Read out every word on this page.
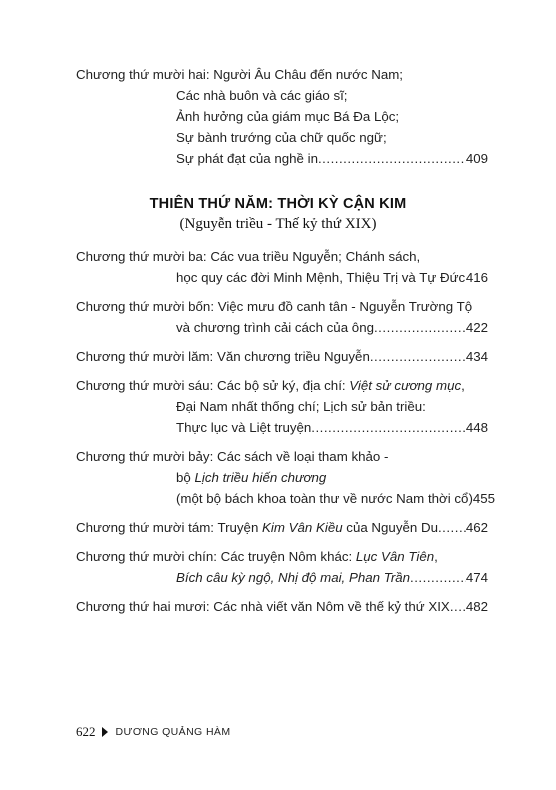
Chương thứ mười hai: Người Âu Châu đến nước Nam;
Các nhà buôn và các giáo sĩ;
Ảnh hưởng của giám mục Bá Đa Lộc;
Sự bành trướng của chữ quốc ngữ;
Sự phát đạt của nghề in .....	409
THIÊN THỨ NĂM: THỜI KỲ CẬN KIM
(Nguyễn triều - Thế kỷ thứ XIX)
Chương thứ mười ba: Các vua triều Nguyễn; Chánh sách,
học quy các đời Minh Mệnh, Thiệu Trị và Tự Đức ..... 416
Chương thứ mười bốn: Việc mưu đồ canh tân - Nguyễn Trường Tộ
và chương trình cải cách của ông .....	422
Chương thứ mười lăm: Văn chương triều Nguyễn .....	434
Chương thứ mười sáu: Các bộ sử ký, địa chí: Việt sử cương mục,
Đại Nam nhất thống chí; Lịch sử bản triều:
Thực lục và Liệt truyện .....	448
Chương thứ mười bảy: Các sách về loại tham khảo -
bộ Lịch triều hiến chương
(một bộ bách khoa toàn thư về nước Nam thời cổ) 455
Chương thứ mười tám: Truyện Kim Vân Kiều của Nguyễn Du ..... 462
Chương thứ mười chín: Các truyện Nôm khác: Lục Vân Tiên,
Bích câu kỳ ngộ, Nhị độ mai, Phan Trần .....	474
Chương thứ hai mươi: Các nhà viết văn Nôm về thế kỷ thứ XIX ..... 482
622 DƯƠNG QUẢNG HÀM
